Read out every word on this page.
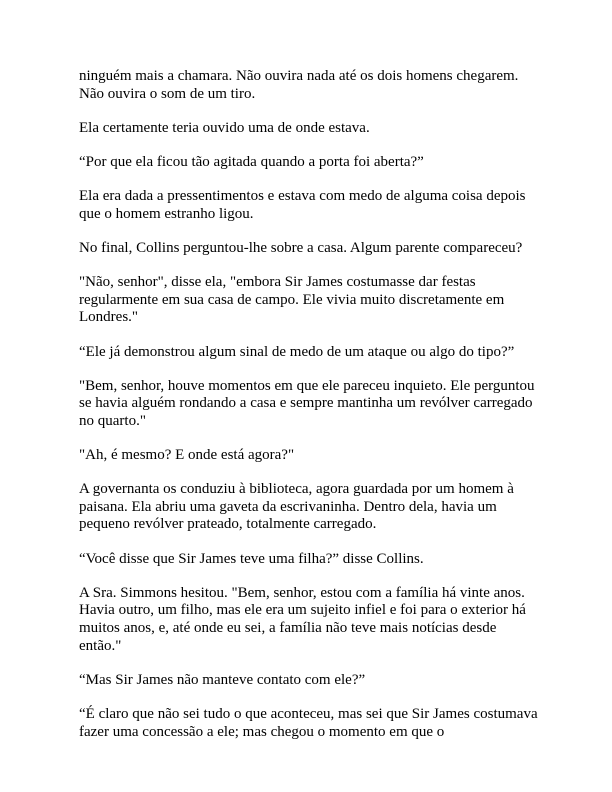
ninguém mais a chamara. Não ouvira nada até os dois homens chegarem. Não ouvira o som de um tiro.

Ela certamente teria ouvido uma de onde estava.

“Por que ela ficou tão agitada quando a porta foi aberta?”

Ela era dada a pressentimentos e estava com medo de alguma coisa depois que o homem estranho ligou.

No final, Collins perguntou-lhe sobre a casa. Algum parente compareceu?

"Não, senhor", disse ela, "embora Sir James costumasse dar festas regularmente em sua casa de campo. Ele vivia muito discretamente em Londres."

“Ele já demonstrou algum sinal de medo de um ataque ou algo do tipo?”

"Bem, senhor, houve momentos em que ele pareceu inquieto. Ele perguntou se havia alguém rondando a casa e sempre mantinha um revólver carregado no quarto."

"Ah, é mesmo? E onde está agora?"

A governanta os conduziu à biblioteca, agora guardada por um homem à paisana. Ela abriu uma gaveta da escrivaninha. Dentro dela, havia um pequeno revólver prateado, totalmente carregado.

“Você disse que Sir James teve uma filha?” disse Collins.

A Sra. Simmons hesitou. "Bem, senhor, estou com a família há vinte anos. Havia outro, um filho, mas ele era um sujeito infiel e foi para o exterior há muitos anos, e, até onde eu sei, a família não teve mais notícias desde então."

“Mas Sir James não manteve contato com ele?”

“É claro que não sei tudo o que aconteceu, mas sei que Sir James costumava fazer uma concessão a ele; mas chegou o momento em que o
